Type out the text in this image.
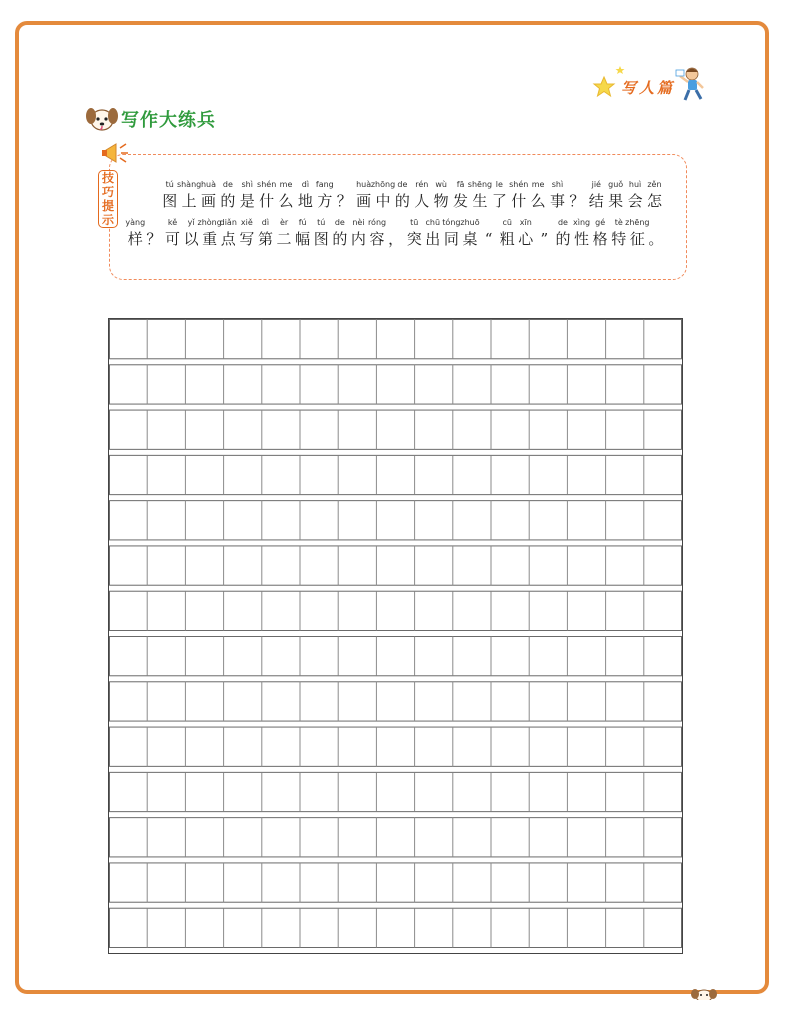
写人篇
写作大练兵
技
巧
提
示
tú
图
shàng
上
huà
画
de
的
shì
是
shén
什
me
么
dì
地
fang
方 ？
huà
画
zhōng
中
de
的
rén
人
wù
物
fā
发
shēng
生
le
了
shén
什
me
么
shì
事 ？
jié
结
guǒ
果
huì
会
zěn
怎
yàng
样 ？
kě
可
yǐ
以
zhòng
重
diǎn
点
xiě
写
dì
第
èr
二
fú
幅
tú
图
de
的
nèi
内
róng
容 ，
tū
突
chū
出
tóng
同
zhuō
桌 “
cū
粗
xīn
心 ”
de
的
xìng
性
gé
格
tè
特
zhēng
征 。
